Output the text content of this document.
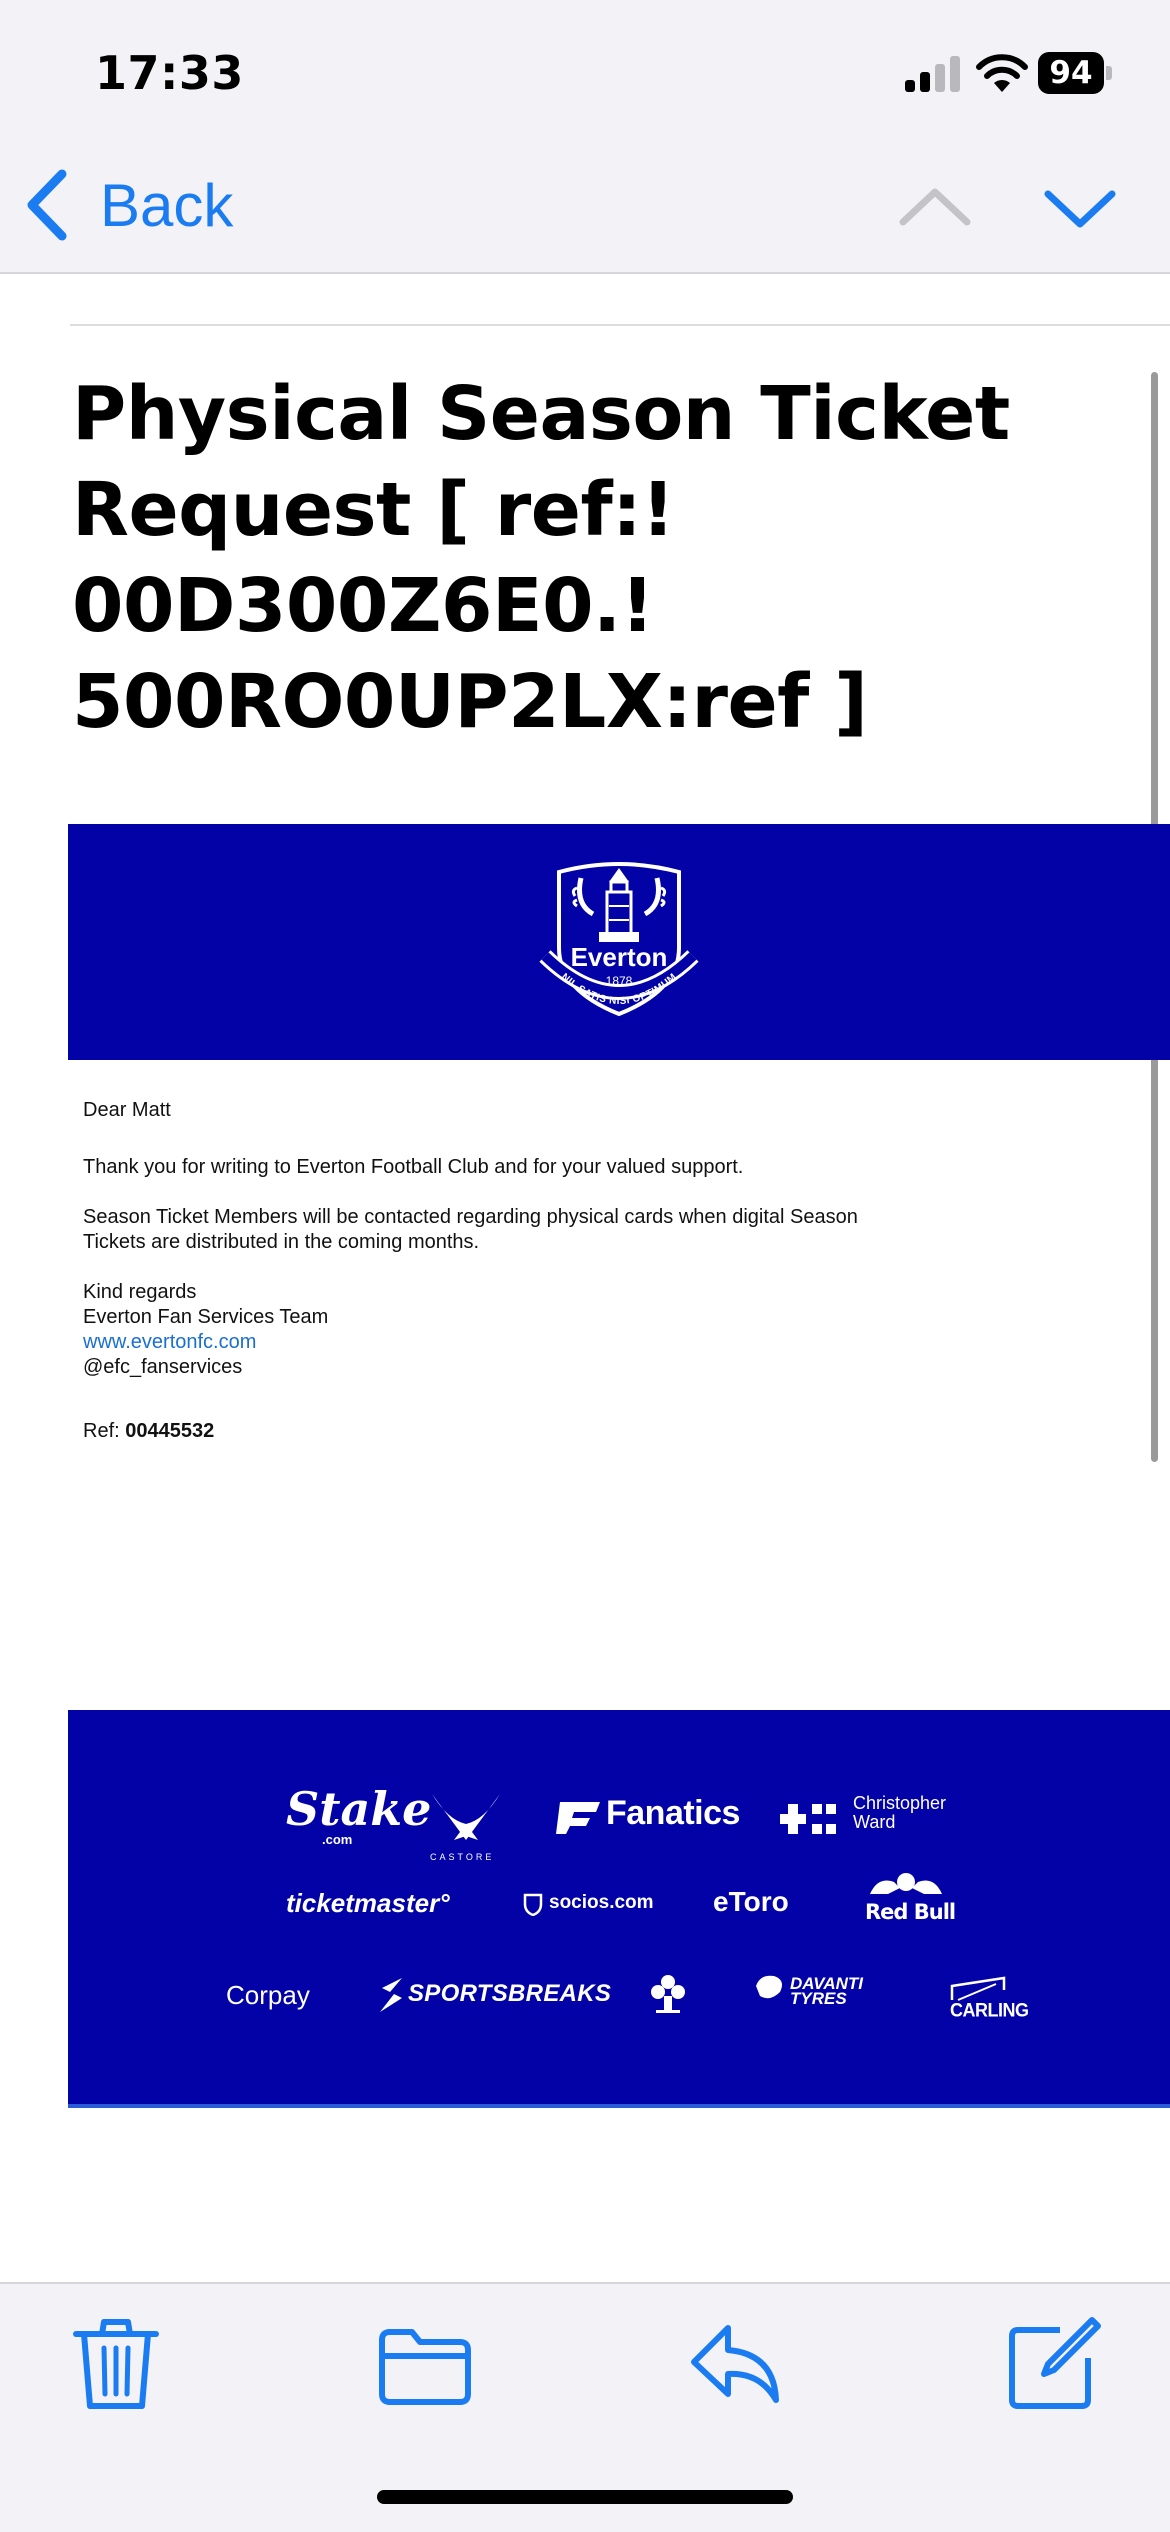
17:33	94
Back
Physical Season Ticket
Request [ ref:!
00D300Z6E0.!
500RO0UP2LX:ref ]
Everton
1878
NIL SATIS NISI OPTIMUM
Dear Matt
Thank you for writing to Everton Football Club and for your valued support.
Season Ticket Members will be contacted regarding physical cards when digital Season
Tickets are distributed in the coming months.
Kind regards
Everton Fan Services Team
www.evertonfc.com
@efc_fanservices
Ref: 00445532
Stake
.com
CASTORE
Fanatics	Christopher Ward
ticketmaster°	socios.com eToro	Red Bull
Corpay	SPORTSBREAKS	DAVANTI TYRES
CARLING
